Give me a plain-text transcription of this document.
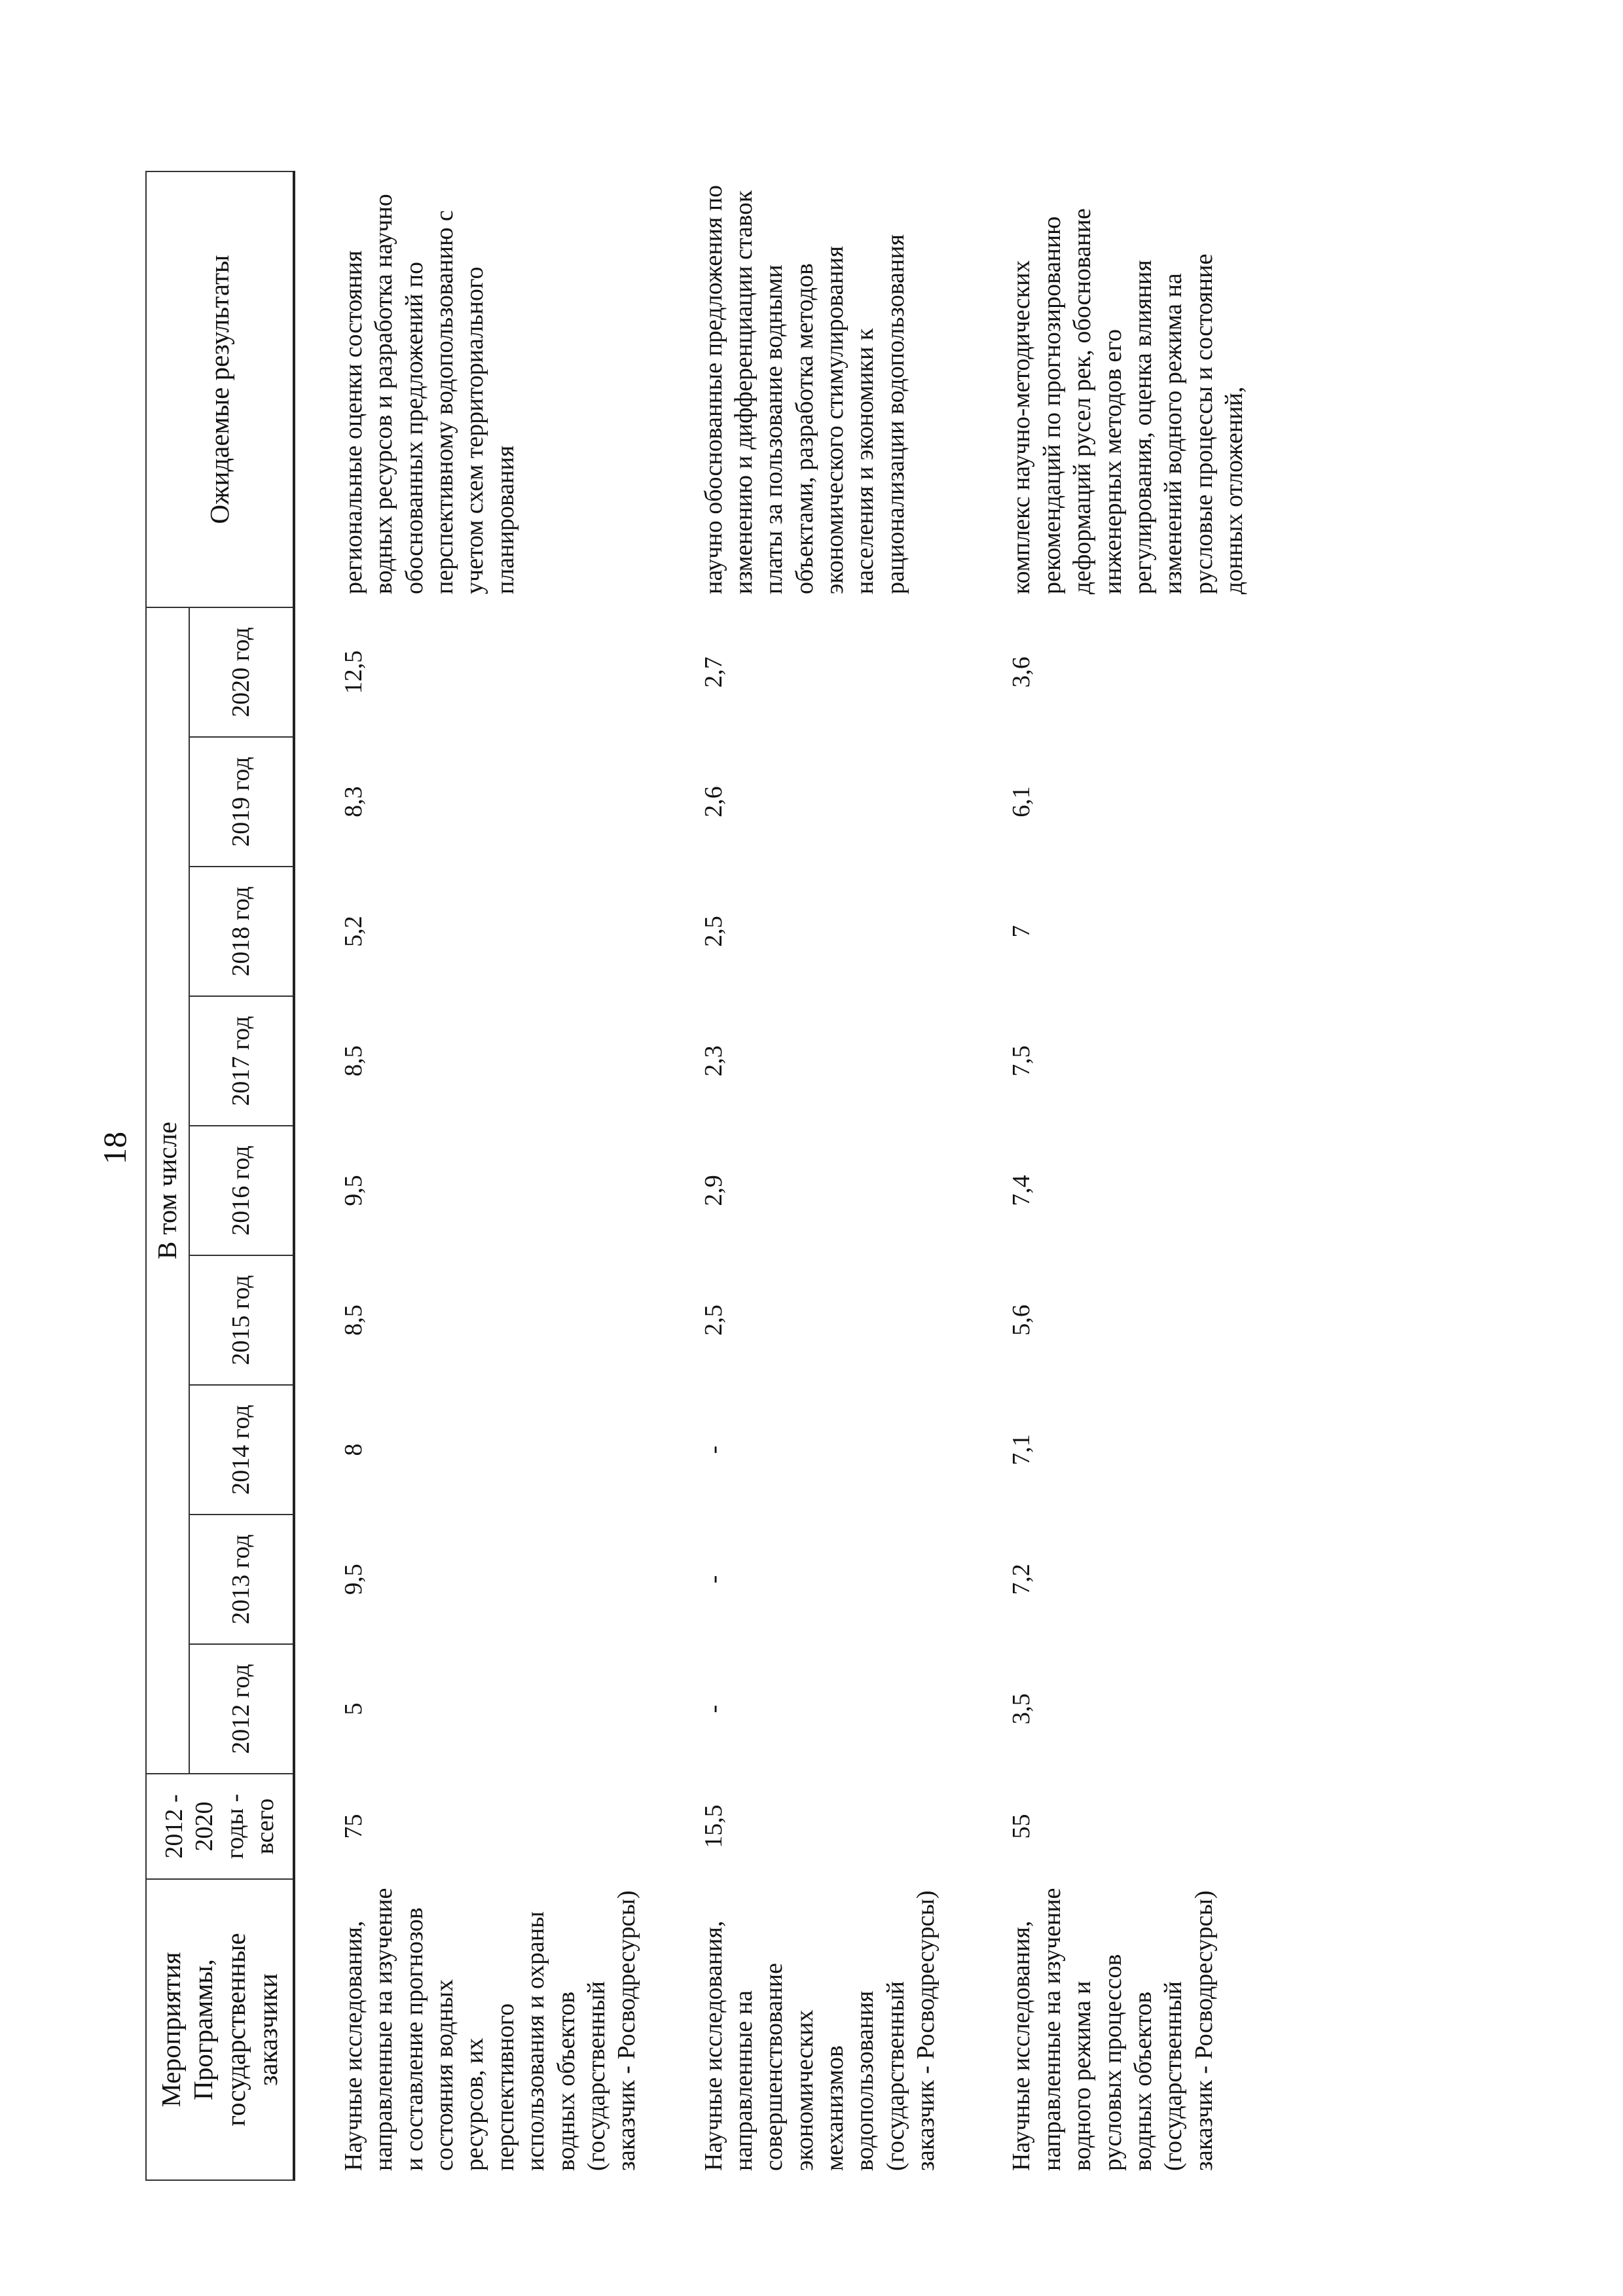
18
Мероприятия Программы, государственные заказчики	2012 - 2020 годы - всего	В том числе									Ожидаемые результаты
		2012 год	2013 год	2014 год	2015 год	2016 год	2017 год	2018 год	2019 год	2020 год	
Научные исследования, направленные на изучение и составление прогнозов состояния водных ресурсов, их перспективного использования и охраны водных объектов (государственный заказчик - Росводресурсы)	75	5	9,5	8	8,5	9,5	8,5	5,2	8,3	12,5	региональные оценки состояния водных ресурсов и разработка научно обоснованных предложений по перспективному водопользованию с учетом схем территориального планирования
Научные исследования, направленные на совершенствование экономических механизмов водопользования (государственный заказчик - Росводресурсы)	15,5	-	-	-	2,5	2,9	2,3	2,5	2,6	2,7	научно обоснованные предложения по изменению и дифференциации ставок платы за пользование водными объектами, разработка методов экономического стимулирования населения и экономики к рационализации водопользования
Научные исследования, направленные на изучение водного режима и русловых процессов водных объектов (государственный заказчик - Росводресурсы)	55	3,5	7,2	7,1	5,6	7,4	7,5	7	6,1	3,6	комплекс научно-методических рекомендаций по прогнозированию деформаций русел рек, обоснование инженерных методов его регулирования, оценка влияния изменений водного режима на русловые процессы и состояние донных отложений,
